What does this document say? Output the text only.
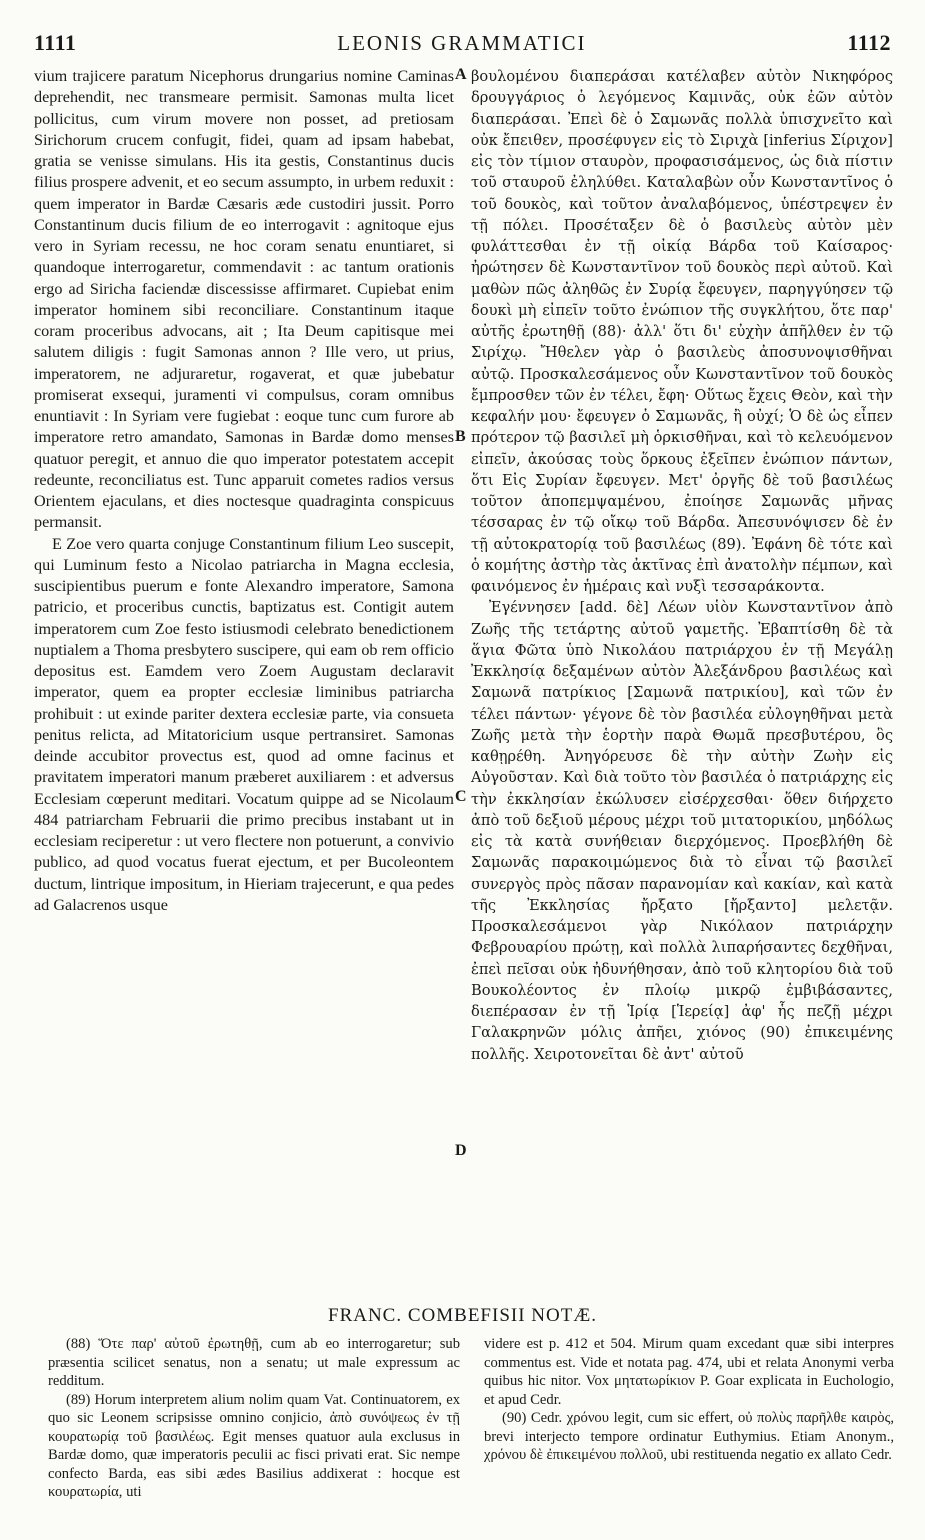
1111	LEONIS GRAMMATICI	1112

vium trajicere paratum Nicephorus drungarius nomine Caminas deprehendit, nec transmeare permisit. Samonas multa licet pollicitus, cum virum movere non posset, ad pretiosam Sirichorum crucem confugit, fidei, quam ad ipsam habebat, gratia se venisse simulans. His ita gestis, Constantinus ducis filius prospere advenit, et eo secum assumpto, in urbem reduxit : quem imperator in Bardæ Cæsaris æde custodiri jussit. Porro Constantinum ducis filium de eo interrogavit : agnitoque ejus vero in Syriam recessu, ne hoc coram senatu enuntiaret, si quandoque interrogaretur, commendavit : ac tantum orationis ergo ad Siricha faciendæ discessisse affirmaret. Cupiebat enim imperator hominem sibi reconciliare. Constantinum itaque coram proceribus advocans, ait ; Ita Deum capitisque mei salutem diligis : fugit Samonas annon ? Ille vero, ut prius, imperatorem, ne adjuraretur, rogaverat, et quæ jubebatur promiserat exsequi, juramenti vi compulsus, coram omnibus enuntiavit : In Syriam vere fugiebat : eoque tunc cum furore ab imperatore retro amandato, Samonas in Bardæ domo menses quatuor peregit, et annuo die quo imperator potestatem accepit redeunte, reconciliatus est. Tunc apparuit cometes radios versus Orientem ejaculans, et dies noctesque quadraginta conspicuus permansit.

E Zoe vero quarta conjuge Constantinum filium Leo suscepit, qui Luminum festo a Nicolao patriarcha in Magna ecclesia, suscipientibus puerum e fonte Alexandro imperatore, Samona patricio, et proceribus cunctis, baptizatus est. Contigit autem imperatorem cum Zoe festo istiusmodi celebrato benedictionem nuptialem a Thoma presbytero suscipere, qui eam ob rem officio depositus est. Eamdem vero Zoem Augustam declaravit imperator, quem ea propter ecclesiæ liminibus patriarcha prohibuit : ut exinde pariter dextera ecclesiæ parte, via consueta penitus relicta, ad Mitatoricium usque pertransiret. Samonas deinde accubitor provectus est, quod ad omne facinus et pravitatem imperatori manum præberet auxiliarem : et adversus Ecclesiam cœperunt meditari. Vocatum quippe ad se Nicolaum 484 patriarcham Februarii die primo precibus instabant ut in ecclesiam reciperetur : ut vero flectere non potuerunt, a convivio publico, ad quod vocatus fuerat ejectum, et per Bucoleontem ductum, lintrique impositum, in Hieriam trajecerunt, e qua pedes ad Galacrenos usque

A
B
C
D

βουλομένου διαπεράσαι κατέλαβεν αὐτὸν Νικηφόρος δρουγγάριος ὁ λεγόμενος Καμινᾶς, οὐκ ἐῶν αὐτὸν διαπεράσαι. Ἐπεὶ δὲ ὁ Σαμωνᾶς πολλὰ ὑπισχνεῖτο καὶ οὐκ ἔπειθεν, προσέφυγεν εἰς τὸ Σιριχὰ [inferius Σίριχον] εἰς τὸν τίμιον σταυρὸν, προφασισάμενος, ὡς διὰ πίστιν τοῦ σταυροῦ ἐληλύθει. Καταλαβὼν οὖν Κωνσταντῖνος ὁ τοῦ δουκὸς, καὶ τοῦτον ἀναλαβόμενος, ὑπέστρεψεν ἐν τῇ πόλει. Προσέταξεν δὲ ὁ βασιλεὺς αὐτὸν μὲν φυλάττεσθαι ἐν τῇ οἰκίᾳ Βάρδα τοῦ Καίσαρος· ἠρώτησεν δὲ Κωνσταντῖνον τοῦ δουκὸς περὶ αὐτοῦ. Καὶ μαθὼν πῶς ἀληθῶς ἐν Συρίᾳ ἔφευγεν, παρηγγύησεν τῷ δουκὶ μὴ εἰπεῖν τοῦτο ἐνώπιον τῆς συγκλήτου, ὅτε παρ' αὐτῆς ἐρωτηθῇ (88)· ἀλλ' ὅτι δι' εὐχὴν ἀπῆλθεν ἐν τῷ Σιρίχῳ. Ἤθελεν γὰρ ὁ βασιλεὺς ἀποσυνοψισθῆναι αὐτῷ. Προσκαλεσάμενος οὖν Κωνσταντῖνον τοῦ δουκὸς ἔμπροσθεν τῶν ἐν τέλει, ἔφη· Οὕτως ἔχεις Θεὸν, καὶ τὴν κεφαλήν μου· ἔφευγεν ὁ Σαμωνᾶς, ἢ οὐχί; Ὁ δὲ ὡς εἶπεν πρότερον τῷ βασιλεῖ μὴ ὁρκισθῆναι, καὶ τὸ κελευόμενον εἰπεῖν, ἀκούσας τοὺς ὅρκους ἐξεῖπεν ἐνώπιον πάντων, ὅτι Εἰς Συρίαν ἔφευγεν. Μετ' ὀργῆς δὲ τοῦ βασιλέως τοῦτον ἀποπεμψαμένου, ἐποίησε Σαμωνᾶς μῆνας τέσσαρας ἐν τῷ οἴκῳ τοῦ Βάρδα. Ἀπεσυνόψισεν δὲ ἐν τῇ αὐτοκρατορίᾳ τοῦ βασιλέως (89). Ἐφάνη δὲ τότε καὶ ὁ κομήτης ἀστὴρ τὰς ἀκτῖνας ἐπὶ ἀνατολὴν πέμπων, καὶ φαινόμενος ἐν ἡμέραις καὶ νυξὶ τεσσαράκοντα.

Ἐγέννησεν [add. δὲ] Λέων υἱὸν Κωνσταντῖνον ἀπὸ Ζωῆς τῆς τετάρτης αὐτοῦ γαμετῆς. Ἐβαπτίσθη δὲ τὰ ἅγια Φῶτα ὑπὸ Νικολάου πατριάρχου ἐν τῇ Μεγάλῃ Ἐκκλησίᾳ δεξαμένων αὐτὸν Ἀλεξάνδρου βασιλέως καὶ Σαμωνᾶ πατρίκιος [Σαμωνᾶ πατρικίου], καὶ τῶν ἐν τέλει πάντων· γέγονε δὲ τὸν βασιλέα εὐλογηθῆναι μετὰ Ζωῆς μετὰ τὴν ἑορτὴν παρὰ Θωμᾶ πρεσβυτέρου, ὃς καθῃρέθη. Ἀνηγόρευσε δὲ τὴν αὐτὴν Ζωὴν εἰς Αὐγοῦσταν. Καὶ διὰ τοῦτο τὸν βασιλέα ὁ πατριάρχης εἰς τὴν ἐκκλησίαν ἐκώλυσεν εἰσέρχεσθαι· ὅθεν διήρχετο ἀπὸ τοῦ δεξιοῦ μέρους μέχρι τοῦ μιτατορικίου, μηδόλως εἰς τὰ κατὰ συνήθειαν διερχόμενος. Προεβλήθη δὲ Σαμωνᾶς παρακοιμώμενος διὰ τὸ εἶναι τῷ βασιλεῖ συνεργὸς πρὸς πᾶσαν παρανομίαν καὶ κακίαν, καὶ κατὰ τῆς Ἐκκλησίας ἤρξατο [ἤρξαντο] μελετᾷν. Προσκαλεσάμενοι γὰρ Νικόλαον πατριάρχην Φεβρουαρίου πρώτῃ, καὶ πολλὰ λιπαρήσαντες δεχθῆναι, ἐπεὶ πεῖσαι οὐκ ἠδυνήθησαν, ἀπὸ τοῦ κλητορίου διὰ τοῦ Βουκολέοντος ἐν πλοίῳ μικρῷ ἐμβιβάσαντες, διεπέρασαν ἐν τῇ Ἱρίᾳ [Ἱερείᾳ] ἀφ' ἧς πεζῇ μέχρι Γαλακρηνῶν μόλις ἀπῆει, χιόνος (90) ἐπικειμένης πολλῆς. Χειροτονεῖται δὲ ἀντ' αὐτοῦ

FRANC. COMBEFISII NOTÆ.

(88) Ὅτε παρ' αὐτοῦ ἐρωτηθῇ, cum ab eo interrogaretur; sub præsentia scilicet senatus, non a senatu; ut male expressum ac redditum.

(89) Horum interpretem alium nolim quam Vat. Continuatorem, ex quo sic Leonem scripsisse omnino conjicio, ἀπὸ συνόψεως ἐν τῇ κουρατωρίᾳ τοῦ βασιλέως. Egit menses quatuor aula exclusus in Bardæ domo, quæ imperatoris peculii ac fisci privati erat. Sic nempe confecto Barda, eas sibi ædes Basilius addixerat : hocque est κουρατωρία, uti

videre est p. 412 et 504. Mirum quam excedant quæ sibi interpres commentus est. Vide et notata pag. 474, ubi et relata Anonymi verba quibus hic nitor. Vox μητατωρίκιον P. Goar explicata in Euchologio, et apud Cedr.

(90) Cedr. χρόνου legit, cum sic effert, οὐ πολὺς παρῆλθε καιρὸς, brevi interjecto tempore ordinatur Euthymius. Etiam Anonym., χρόνου δὲ ἐπικειμένου πολλοῦ, ubi restituenda negatio ex allato Cedr.
